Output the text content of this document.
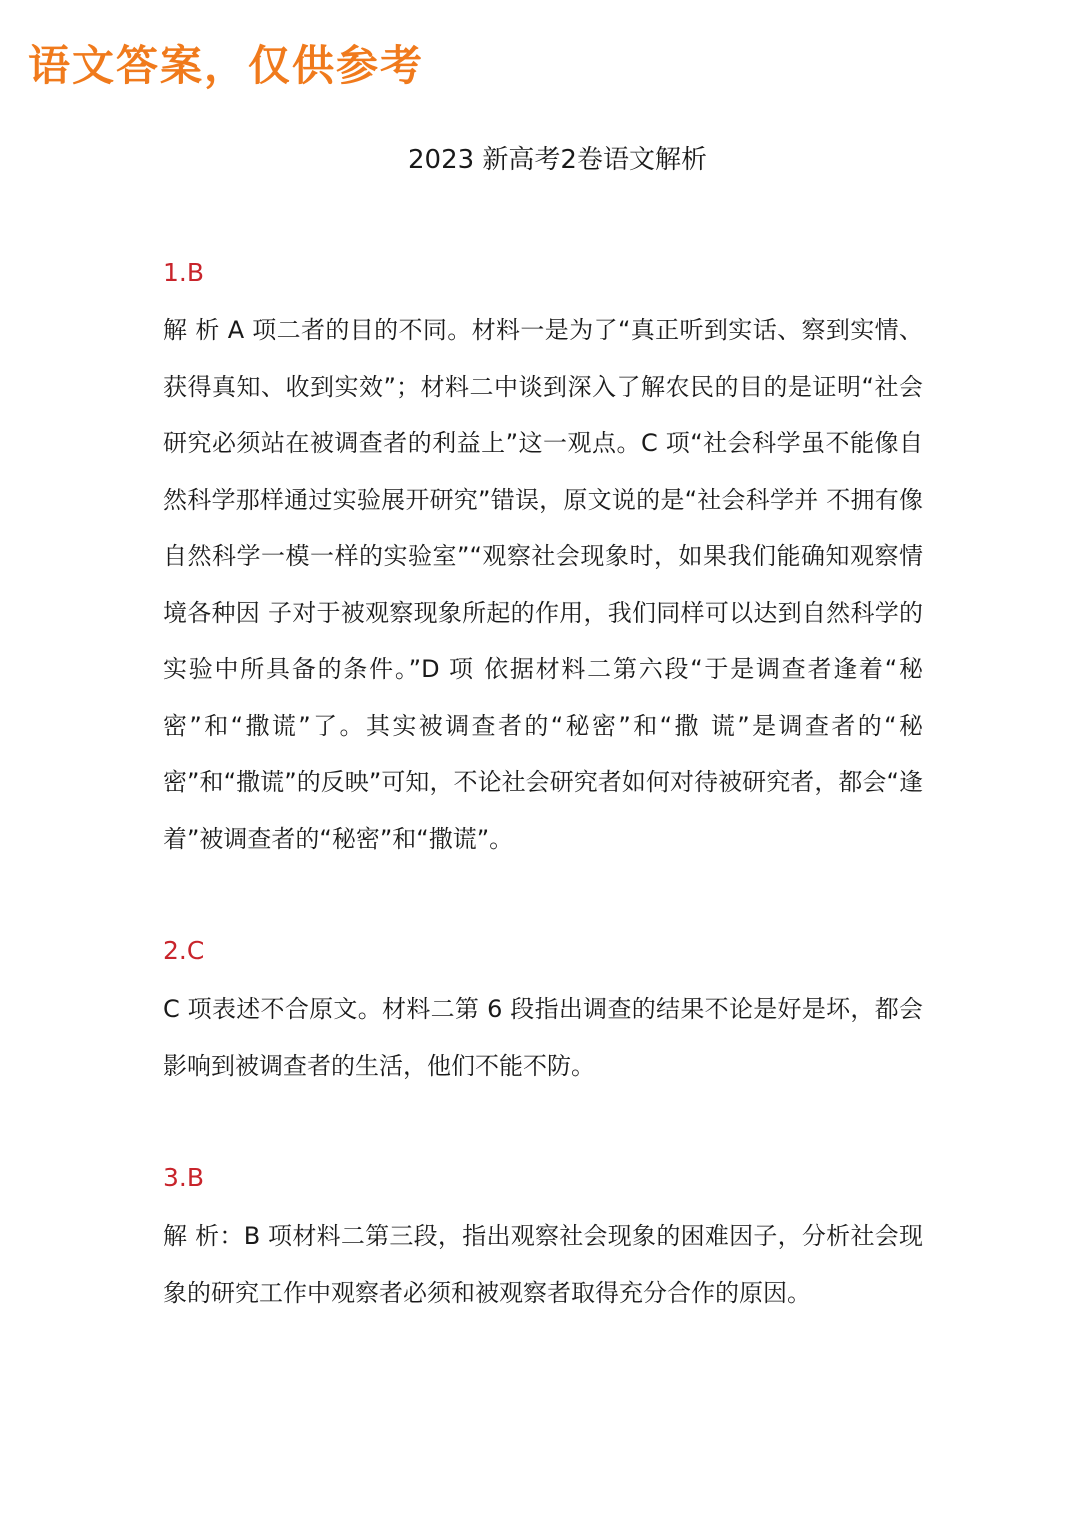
语文答案，仅供参考
2023 新高考2卷语文解析
1.B
解 析 A 项二者的目的不同。材料一是为了“真正听到实话、察到实情、获得真知、收到实效”；材料二中谈到深入了解农民的目的是证明“社会研究必须站在被调查者的利益上”这一观点。C 项“社会科学虽不能像自然科学那样通过实验展开研究”错误，原文说的是“社会科学并 不拥有像自然科学一模一样的实验室”“观察社会现象时，如果我们能确知观察情境各种因 子对于被观察现象所起的作用，我们同样可以达到自然科学的实验中所具备的条件。”D 项 依据材料二第六段“于是调查者逢着“秘密”和“撒谎”了。其实被调查者的“秘密”和“撒 谎”是调查者的“秘密”和“撒谎”的反映”可知，不论社会研究者如何对待被研究者，都会“逢着”被调查者的“秘密”和“撒谎”。
2.C
C 项表述不合原文。材料二第 6 段指出调查的结果不论是好是坏，都会影响到被调查者的生活，他们不能不防。
3.B
解 析：B 项材料二第三段，指出观察社会现象的困难因子，分析社会现象的研究工作中观察者必须和被观察者取得充分合作的原因。
